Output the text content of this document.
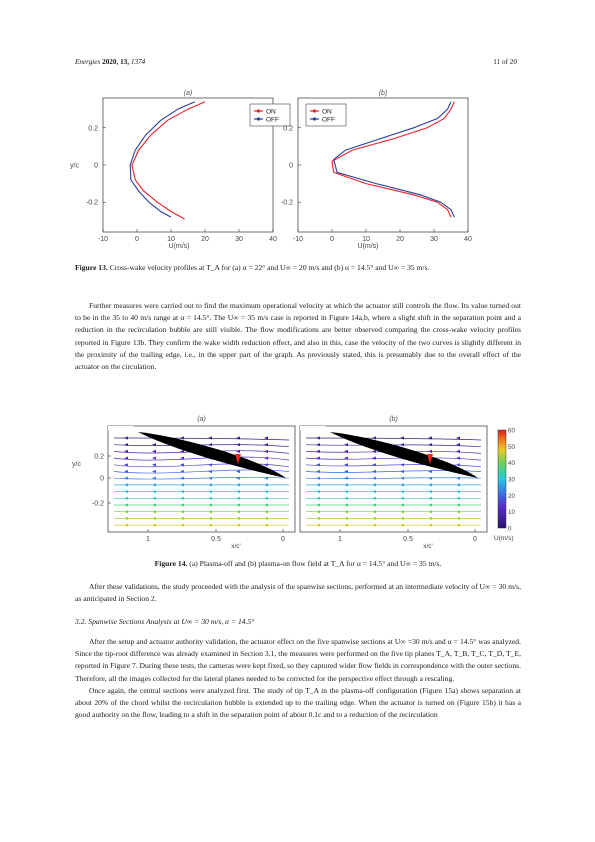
Energies 2020, 13, 1374	11 of 20
(a)
-10	0	10	20	30	40
0.2
0
-0.2
U(m/s)
y/c
ON
OFF
(b)
-10	0	10	20	30	40
0.2
0
-0.2
U(m/s)
ON
OFF
Figure 13. Cross-wake velocity profiles at T_A for (a) α = 22° and U∞ = 20 m/s and (b) α = 14.5° and U∞ = 35 m/s.

Further measures were carried out to find the maximum operational velocity at which the actuator still controls the flow. Its value turned out to be in the 35 to 40 m/s range at α = 14.5°. The U∞ = 35 m/s case is reported in Figure 14a,b, where a slight shift in the separation point and a reduction in the recirculation bubble are still visible. The flow modifications are better observed comparing the cross-wake velocity profiles reported in Figure 13b. They confirm the wake width reduction effect, and also in this, case the velocity of the two curves is slightly different in the proximity of the trailing edge, i.e., in the upper part of the graph. As previously stated, this is presumably due to the overall effect of the actuator on the circulation.

(a)
1	0.5	0
x/c'
0.2
0
-0.2
y/c
(b)
1	0.5	0
x/c'
60
50
40
30
20
10
0
U(m/s)
Figure 14. (a) Plasma-off and (b) plasma-on flow field at T_A for α = 14.5° and U∞ = 35 m/s.

After these validations, the study proceeded with the analysis of the spanwise sections, performed at an intermediate velocity of U∞ = 30 m/s, as anticipated in Section 2.

3.2. Spanwise Sections Analysis at U∞ = 30 m/s, α = 14.5°

After the setup and actuator authority validation, the actuator effect on the five spanwise sections at U∞ =30 m/s and α = 14.5° was analyzed. Since the tip-root difference was already examined in Section 3.1, the measures were performed on the five tip planes T_A, T_B, T_C, T_D, T_E, reported in Figure 7. During these tests, the cameras were kept fixed, so they captured wider flow fields in correspondence with the outer sections. Therefore, all the images collected for the lateral planes needed to be corrected for the perspective effect through a rescaling.

Once again, the central sections were analyzed first. The study of tip T_A in the plasma-off configuration (Figure 15a) shows separation at about 20% of the chord whilst the recirculation bubble is extended up to the trailing edge. When the actuator is turned on (Figure 15b) it has a good authority on the flow, leading to a shift in the separation point of about 0.1c and to a reduction of the recirculation
